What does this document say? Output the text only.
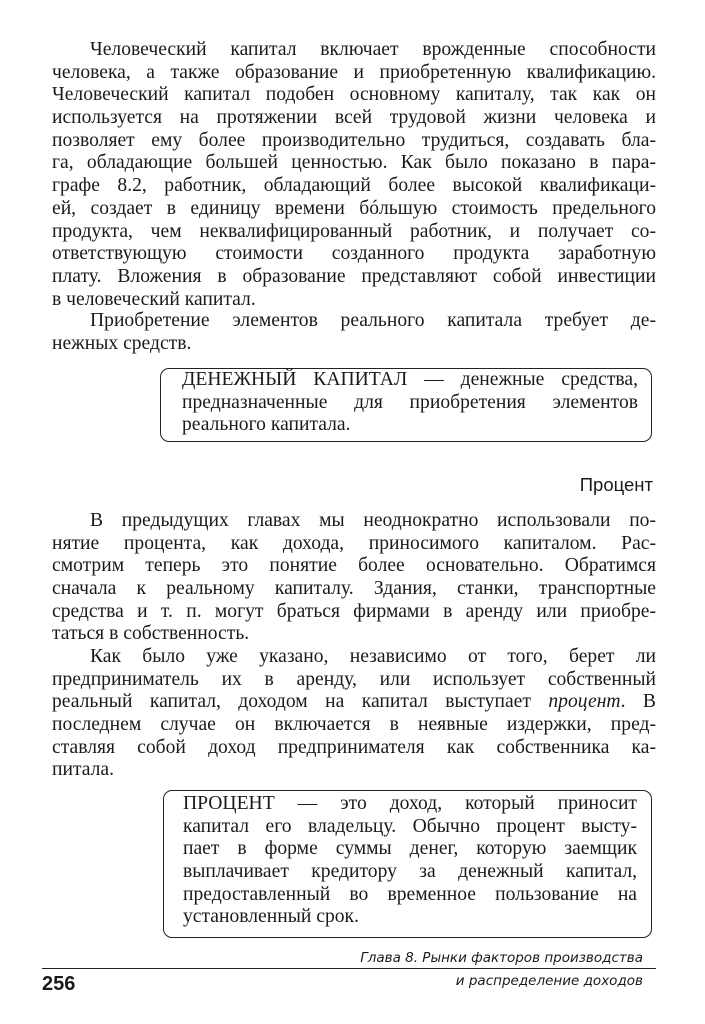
Человеческий капитал включает врожденные способности
человека, а также образование и приобретенную квалификацию.
Человеческий капитал подобен основному капиталу, так как он
используется на протяжении всей трудовой жизни человека и
позволяет ему более производительно трудиться, создавать бла-
га, обладающие большей ценностью. Как было показано в пара-
графе 8.2, работник, обладающий более высокой квалификаци-
ей, создает в единицу времени бóльшую стоимость предельного
продукта, чем неквалифицированный работник, и получает со-
ответствующую стоимости созданного продукта заработную
плату. Вложения в образование представляют собой инвестиции
в человеческий капитал.
Приобретение элементов реального капитала требует де-
нежных средств.
ДЕНЕЖНЫЙ КАПИТАЛ — денежные средства,
предназначенные для приобретения элементов
реального капитала.
Процент
В предыдущих главах мы неоднократно использовали по-
нятие процента, как дохода, приносимого капиталом. Рас-
смотрим теперь это понятие более основательно. Обратимся
сначала к реальному капиталу. Здания, станки, транспортные
средства и т. п. могут браться фирмами в аренду или приобре-
таться в собственность.
Как было уже указано, независимо от того, берет ли
предприниматель их в аренду, или использует собственный
реальный капитал, доходом на капитал выступает процент. В
последнем случае он включается в неявные издержки, пред-
ставляя собой доход предпринимателя как собственника ка-
питала.
ПРОЦЕНТ — это доход, который приносит
капитал его владельцу. Обычно процент высту-
пает в форме суммы денег, которую заемщик
выплачивает кредитору за денежный капитал,
предоставленный во временное пользование на
установленный срок.
Глава 8. Рынки факторов производства
256	и распределение доходов
